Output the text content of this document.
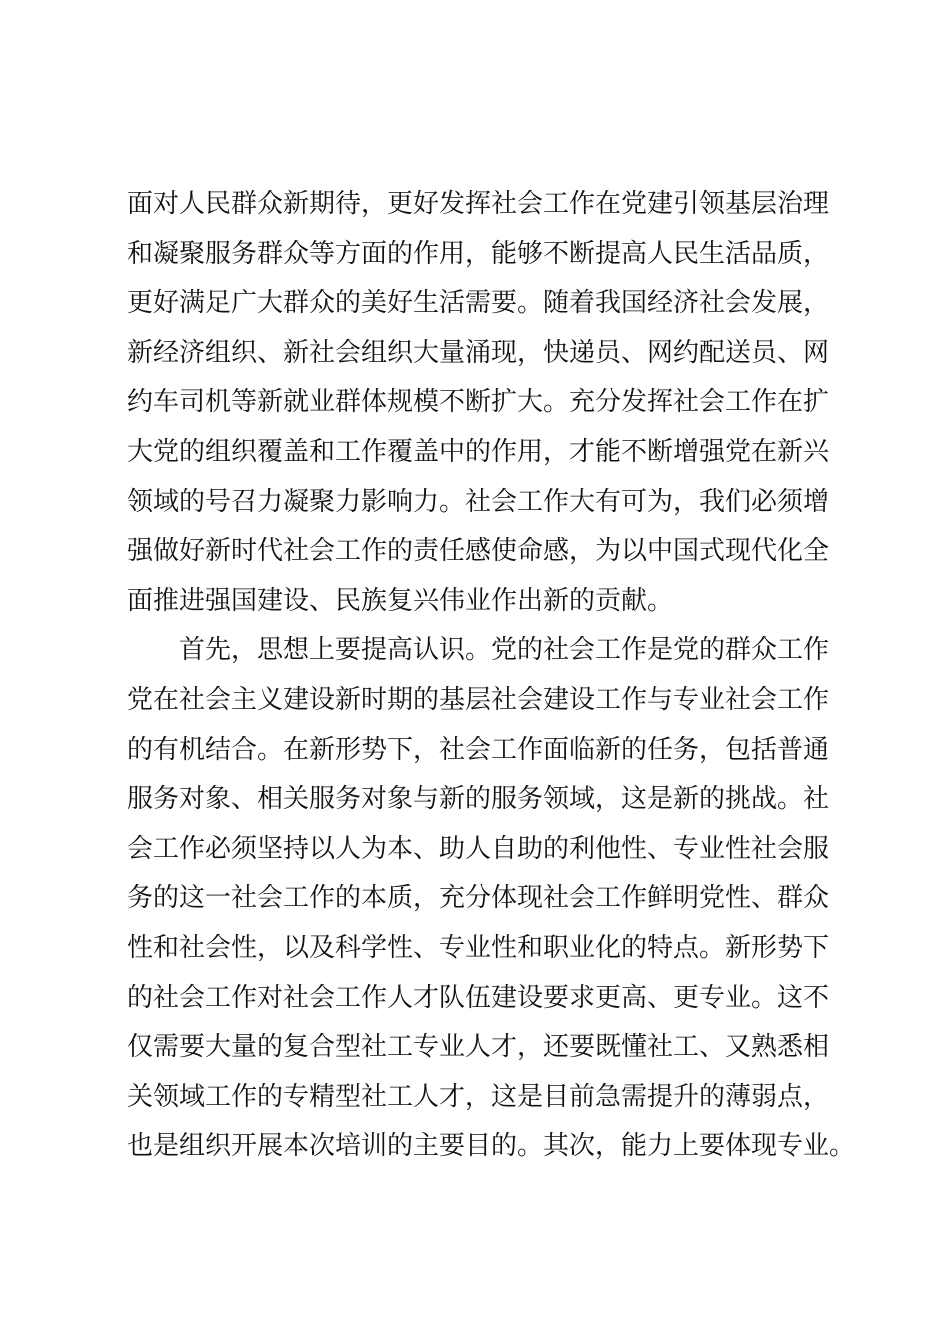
面对人民群众新期待，更好发挥社会工作在党建引领基层治理
和凝聚服务群众等方面的作用，能够不断提高人民生活品质，
更好满足广大群众的美好生活需要。随着我国经济社会发展，
新经济组织、新社会组织大量涌现，快递员、网约配送员、网
约车司机等新就业群体规模不断扩大。充分发挥社会工作在扩
大党的组织覆盖和工作覆盖中的作用，才能不断增强党在新兴
领域的号召力凝聚力影响力。社会工作大有可为，我们必须增
强做好新时代社会工作的责任感使命感，为以中国式现代化全
面推进强国建设、民族复兴伟业作出新的贡献。
首先，思想上要提高认识。党的社会工作是党的群众工作
党在社会主义建设新时期的基层社会建设工作与专业社会工作
的有机结合。在新形势下，社会工作面临新的任务，包括普通
服务对象、相关服务对象与新的服务领域，这是新的挑战。社
会工作必须坚持以人为本、助人自助的利他性、专业性社会服
务的这一社会工作的本质，充分体现社会工作鲜明党性、群众
性和社会性，以及科学性、专业性和职业化的特点。新形势下
的社会工作对社会工作人才队伍建设要求更高、更专业。这不
仅需要大量的复合型社工专业人才，还要既懂社工、又熟悉相
关领域工作的专精型社工人才，这是目前急需提升的薄弱点，
也是组织开展本次培训的主要目的。其次，能力上要体现专业。
